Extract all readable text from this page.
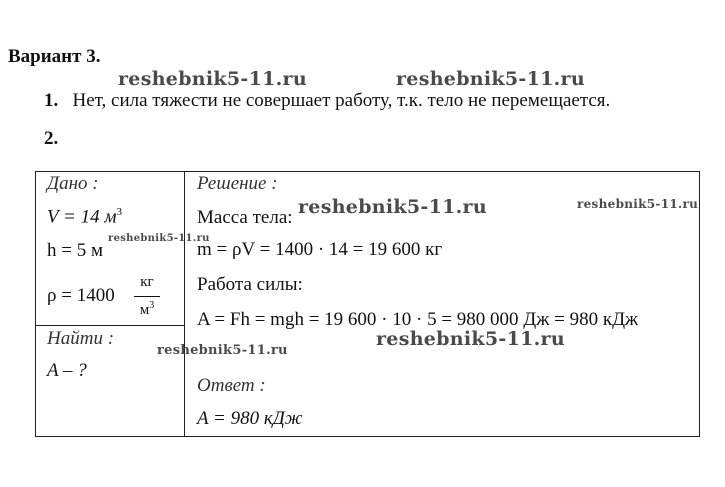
Вариант 3.
reshebnik5-11.ru	reshebnik5-11.ru
1. Нет, сила тяжести не совершает работу, т.к. тело не перемещается.
2.
Дано :
V = 14 $м^3$
h = 5 м
reshebnik5-11.ru
ρ = 1400
кг
$м^3$
Найти :
A – ?
reshebnik5-11.ru
Решение :
reshebnik5-11.ru
Масса тела: reshebnik5-11.ru
m = ρV = 1400 · 14 = 19 600 кг
Работа силы:
A = Fh = mgh = 19 600 · 10 · 5 = 980 000 Дж = 980 кДж
reshebnik5-11.ru
Ответ :
A = 980 кДж
